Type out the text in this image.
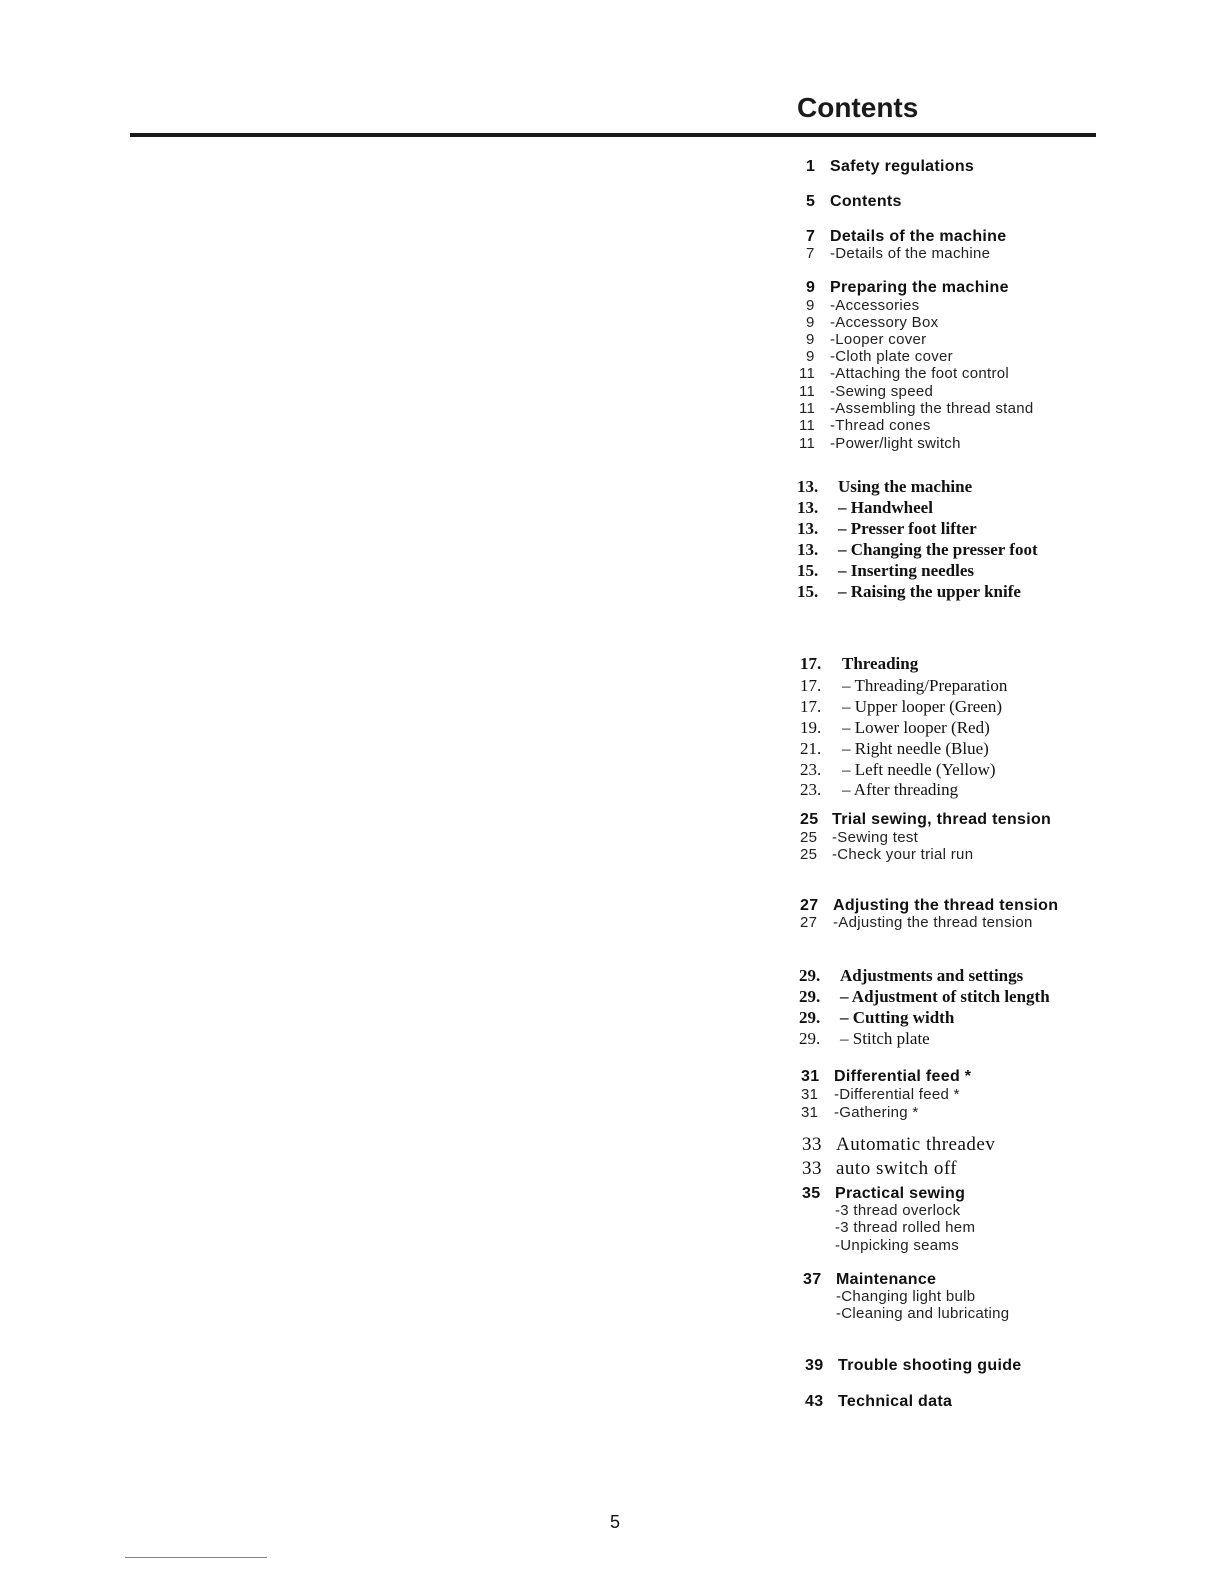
Contents
1 Safety regulations
5 Contents
7 Details of the machine
7 -Details of the machine
9 Preparing the machine
9 -Accessories
9 -Accessory Box
9 -Looper cover
9 -Cloth plate cover
11 -Attaching the foot control
11 -Sewing speed
11 -Assembling the thread stand
11 -Thread cones
11 -Power/light switch
13. Using the machine
13. – Handwheel
13. – Presser foot lifter
13. – Changing the presser foot
15. – Inserting needles
15. – Raising the upper knife
17. Threading
17. – Threading/Preparation
17. – Upper looper (Green)
19. – Lower looper (Red)
21. – Right needle (Blue)
23. – Left needle (Yellow)
23. – After threading
25 Trial sewing, thread tension
25 -Sewing test
25 -Check your trial run
27 Adjusting the thread tension
27 -Adjusting the thread tension
29. Adjustments and settings
29. – Adjustment of stitch length
29. – Cutting width
29. – Stitch plate
31 Differential feed *
31 -Differential feed *
31 -Gathering *
33 Automatic threadev
33 auto switch off
35 Practical sewing
-3 thread overlock
-3 thread rolled hem
-Unpicking seams
37 Maintenance
-Changing light bulb
-Cleaning and lubricating
39 Trouble shooting guide
43 Technical data
5
